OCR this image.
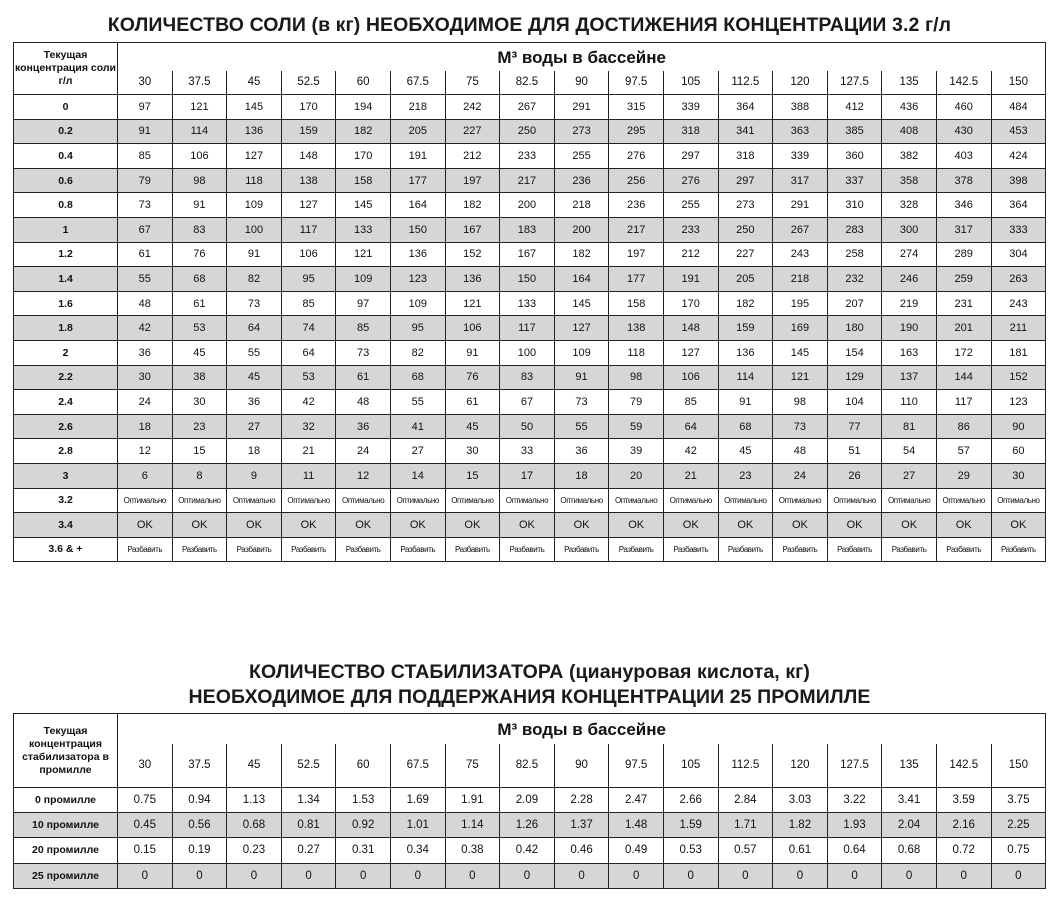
КОЛИЧЕСТВО СОЛИ (в кг) НЕОБХОДИМОЕ ДЛЯ ДОСТИЖЕНИЯ КОНЦЕНТРАЦИИ 3.2 г/л
Текущая концентрация соли г/л	M³ воды в бассейне																
	30	37.5	45	52.5	60	67.5	75	82.5	90	97.5	105	112.5	120	127.5	135	142.5	150
0	97	121	145	170	194	218	242	267	291	315	339	364	388	412	436	460	484
0.2	91	114	136	159	182	205	227	250	273	295	318	341	363	385	408	430	453
0.4	85	106	127	148	170	191	212	233	255	276	297	318	339	360	382	403	424
0.6	79	98	118	138	158	177	197	217	236	256	276	297	317	337	358	378	398
0.8	73	91	109	127	145	164	182	200	218	236	255	273	291	310	328	346	364
1	67	83	100	117	133	150	167	183	200	217	233	250	267	283	300	317	333
1.2	61	76	91	106	121	136	152	167	182	197	212	227	243	258	274	289	304
1.4	55	68	82	95	109	123	136	150	164	177	191	205	218	232	246	259	263
1.6	48	61	73	85	97	109	121	133	145	158	170	182	195	207	219	231	243
1.8	42	53	64	74	85	95	106	117	127	138	148	159	169	180	190	201	211
2	36	45	55	64	73	82	91	100	109	118	127	136	145	154	163	172	181
2.2	30	38	45	53	61	68	76	83	91	98	106	114	121	129	137	144	152
2.4	24	30	36	42	48	55	61	67	73	79	85	91	98	104	110	117	123
2.6	18	23	27	32	36	41	45	50	55	59	64	68	73	77	81	86	90
2.8	12	15	18	21	24	27	30	33	36	39	42	45	48	51	54	57	60
3	6	8	9	11	12	14	15	17	18	20	21	23	24	26	27	29	30
3.2	Оптимально	Оптимально	Оптимально	Оптимально	Оптимально	Оптимально	Оптимально	Оптимально	Оптимально	Оптимально	Оптимально	Оптимально	Оптимально	Оптимально	Оптимально	Оптимально	Оптимально
3.4	OK	OK	OK	OK	OK	OK	OK	OK	OK	OK	OK	OK	OK	OK	OK	OK	OK
3.6 & +	Разбавить	Разбавить	Разбавить	Разбавить	Разбавить	Разбавить	Разбавить	Разбавить	Разбавить	Разбавить	Разбавить	Разбавить	Разбавить	Разбавить	Разбавить	Разбавить	Разбавить
КОЛИЧЕСТВО СТАБИЛИЗАТОРА (циануровая кислота, кг)
НЕОБХОДИМОЕ ДЛЯ ПОДДЕРЖАНИЯ КОНЦЕНТРАЦИИ 25 ПРОМИЛЛЕ
Текущая концентрация стабилизатора в промилле	M³ воды в бассейне																
	30	37.5	45	52.5	60	67.5	75	82.5	90	97.5	105	112.5	120	127.5	135	142.5	150
0 промилле	0.75	0.94	1.13	1.34	1.53	1.69	1.91	2.09	2.28	2.47	2.66	2.84	3.03	3.22	3.41	3.59	3.75
10 промилле	0.45	0.56	0.68	0.81	0.92	1.01	1.14	1.26	1.37	1.48	1.59	1.71	1.82	1.93	2.04	2.16	2.25
20 промилле	0.15	0.19	0.23	0.27	0.31	0.34	0.38	0.42	0.46	0.49	0.53	0.57	0.61	0.64	0.68	0.72	0.75
25 промилле	0	0	0	0	0	0	0	0	0	0	0	0	0	0	0	0	0
